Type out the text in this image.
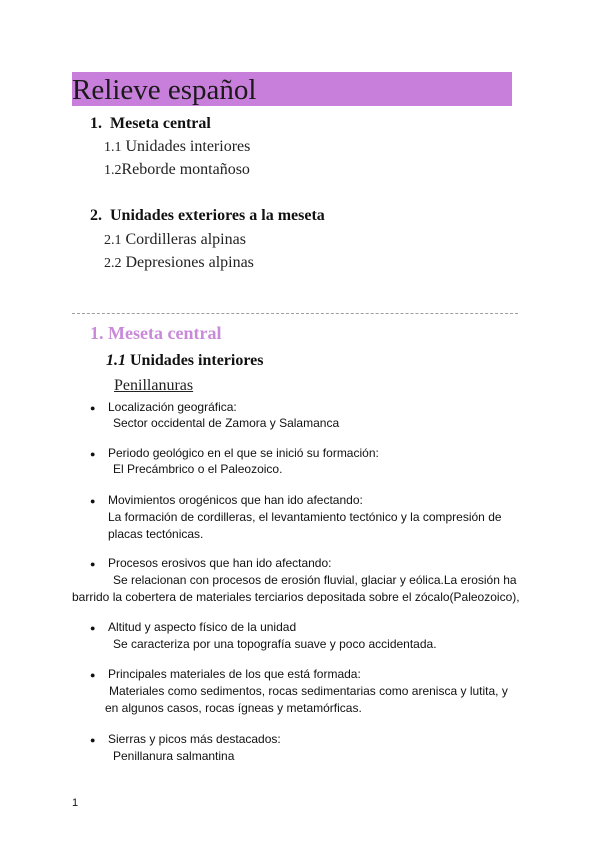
Relieve español
1. Meseta central
1.1 Unidades interiores
1.2Reborde montañoso
2. Unidades exteriores a la meseta
2.1 Cordilleras alpinas
2.2 Depresiones alpinas
1. Meseta central
1.1 Unidades interiores
Penillanuras
● Localización geográfica:
Sector occidental de Zamora y Salamanca
● Periodo geológico en el que se inició su formación:
El Precámbrico o el Paleozoico.
● Movimientos orogénicos que han ido afectando:
La formación de cordilleras, el levantamiento tectónico y la compresión de
placas tectónicas.
● Procesos erosivos que han ido afectando:
Se relacionan con procesos de erosión fluvial, glaciar y eólica.La erosión ha
barrido la cobertera de materiales terciarios depositada sobre el zócalo(Paleozoico),
● Altitud y aspecto físico de la unidad
Se caracteriza por una topografía suave y poco accidentada.
● Principales materiales de los que está formada:
Materiales como sedimentos, rocas sedimentarias como arenisca y lutita, y
en algunos casos, rocas ígneas y metamórficas.
● Sierras y picos más destacados:
Penillanura salmantina
1
